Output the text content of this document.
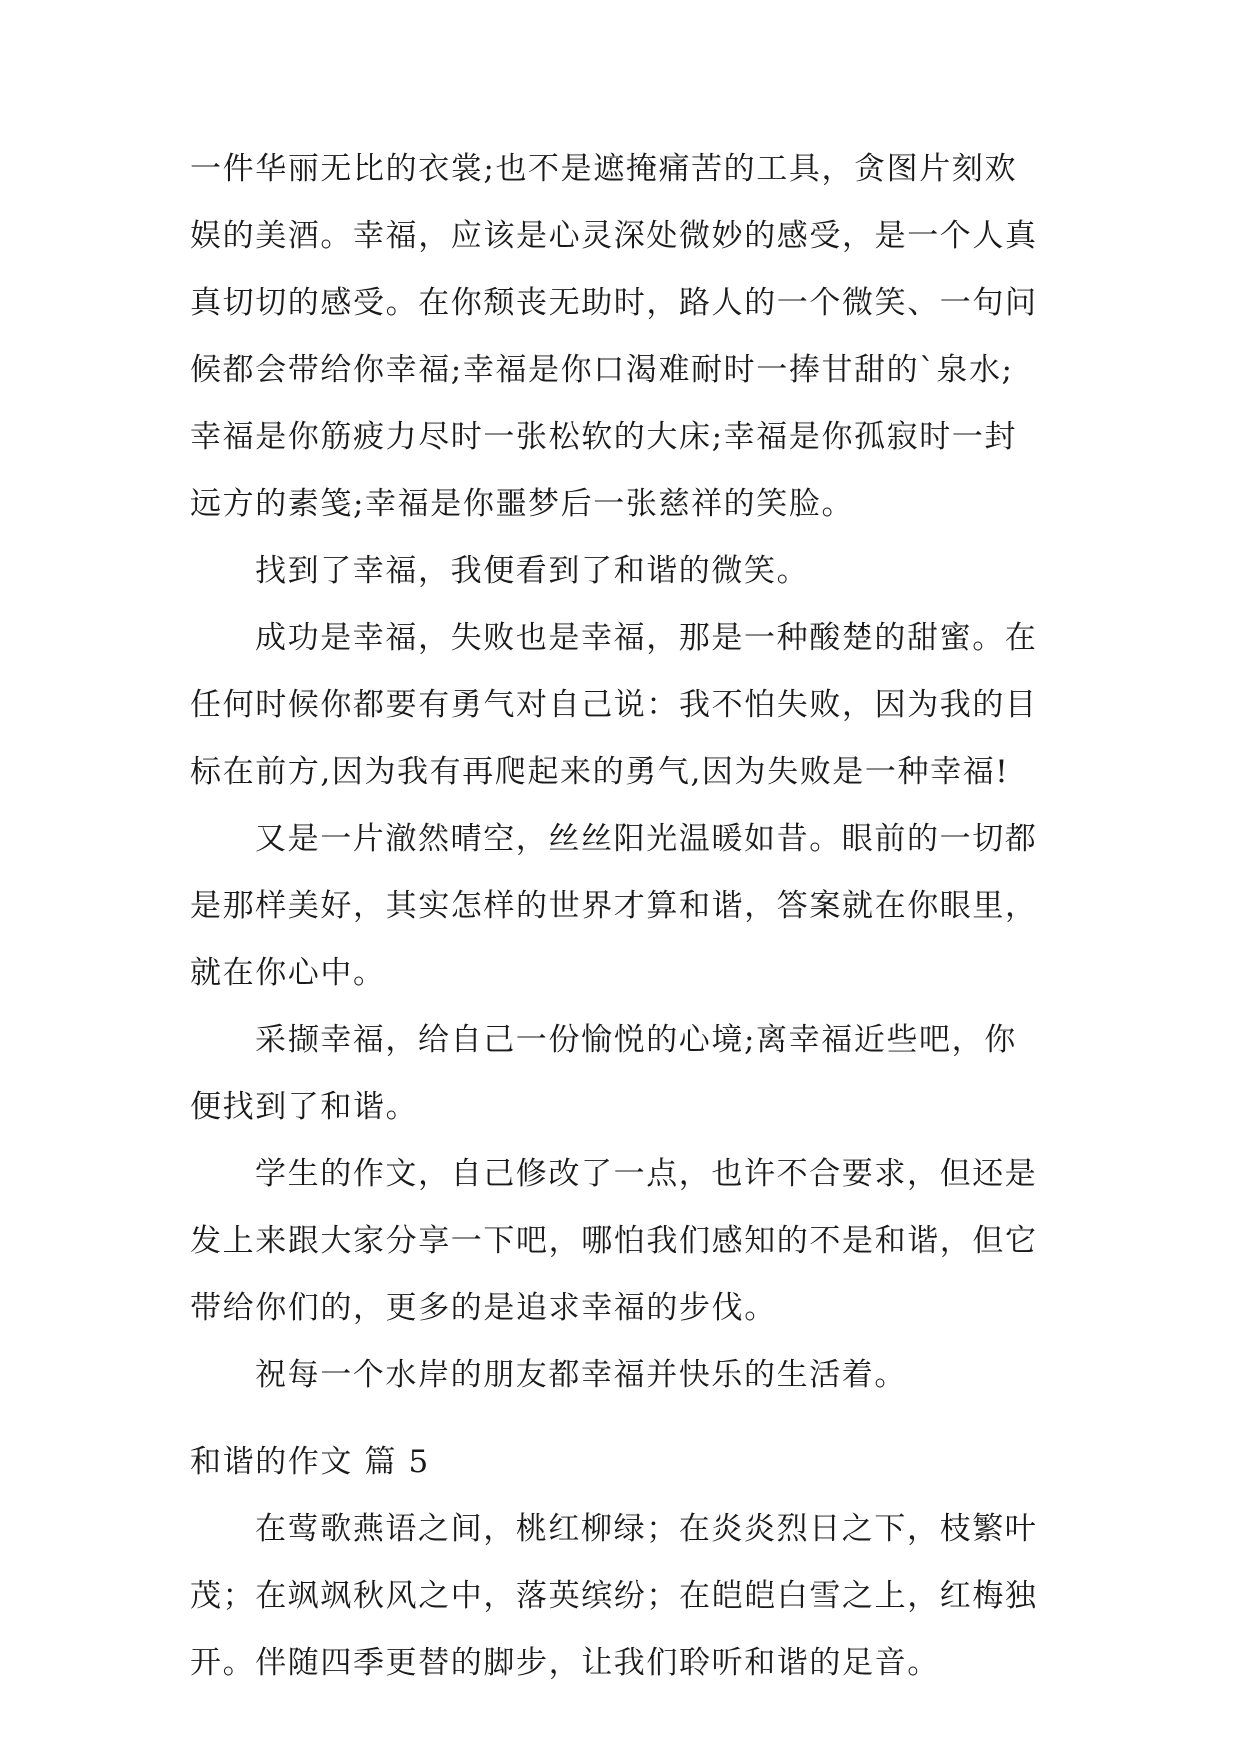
一件华丽无比的衣裳;也不是遮掩痛苦的工具，贪图片刻欢
娱的美酒。幸福，应该是心灵深处微妙的感受，是一个人真
真切切的感受。在你颓丧无助时，路人的一个微笑、一句问
候都会带给你幸福;幸福是你口渴难耐时一捧甘甜的`泉水;
幸福是你筋疲力尽时一张松软的大床;幸福是你孤寂时一封
远方的素笺;幸福是你噩梦后一张慈祥的笑脸。
找到了幸福，我便看到了和谐的微笑。
成功是幸福，失败也是幸福，那是一种酸楚的甜蜜。在
任何时候你都要有勇气对自己说：我不怕失败，因为我的目
标在前方,因为我有再爬起来的勇气,因为失败是一种幸福!
又是一片澈然晴空，丝丝阳光温暖如昔。眼前的一切都
是那样美好，其实怎样的世界才算和谐，答案就在你眼里，
就在你心中。
采撷幸福，给自己一份愉悦的心境;离幸福近些吧，你
便找到了和谐。
学生的作文，自己修改了一点，也许不合要求，但还是
发上来跟大家分享一下吧，哪怕我们感知的不是和谐，但它
带给你们的，更多的是追求幸福的步伐。
祝每一个水岸的朋友都幸福并快乐的生活着。
和谐的作文 篇 5
在莺歌燕语之间，桃红柳绿；在炎炎烈日之下，枝繁叶
茂；在飒飒秋风之中，落英缤纷；在皑皑白雪之上，红梅独
开。伴随四季更替的脚步，让我们聆听和谐的足音。
